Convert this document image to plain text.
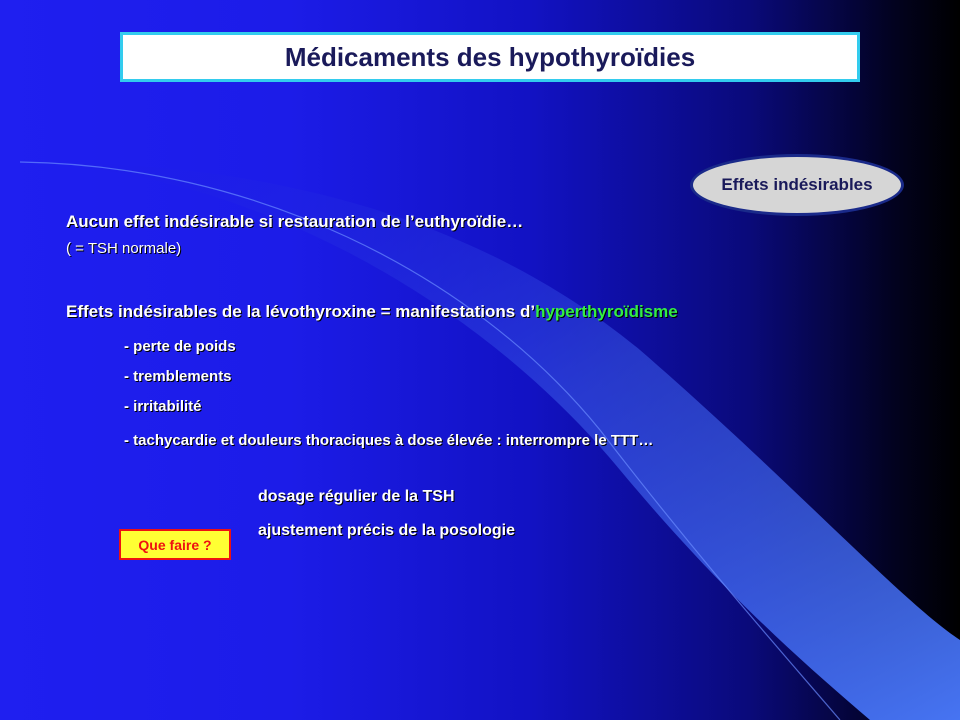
Médicaments des hypothyroïdies
Effets indésirables
Aucun effet indésirable si restauration de l’euthyroïdie…
( = TSH normale)
Effets indésirables de la lévothyroxine = manifestations d’hyperthyroïdisme
- perte de poids
- tremblements
- irritabilité
- tachycardie et douleurs thoraciques à dose élevée : interrompre le TTT…
dosage régulier de la TSH
ajustement précis de la posologie
Que faire ?
